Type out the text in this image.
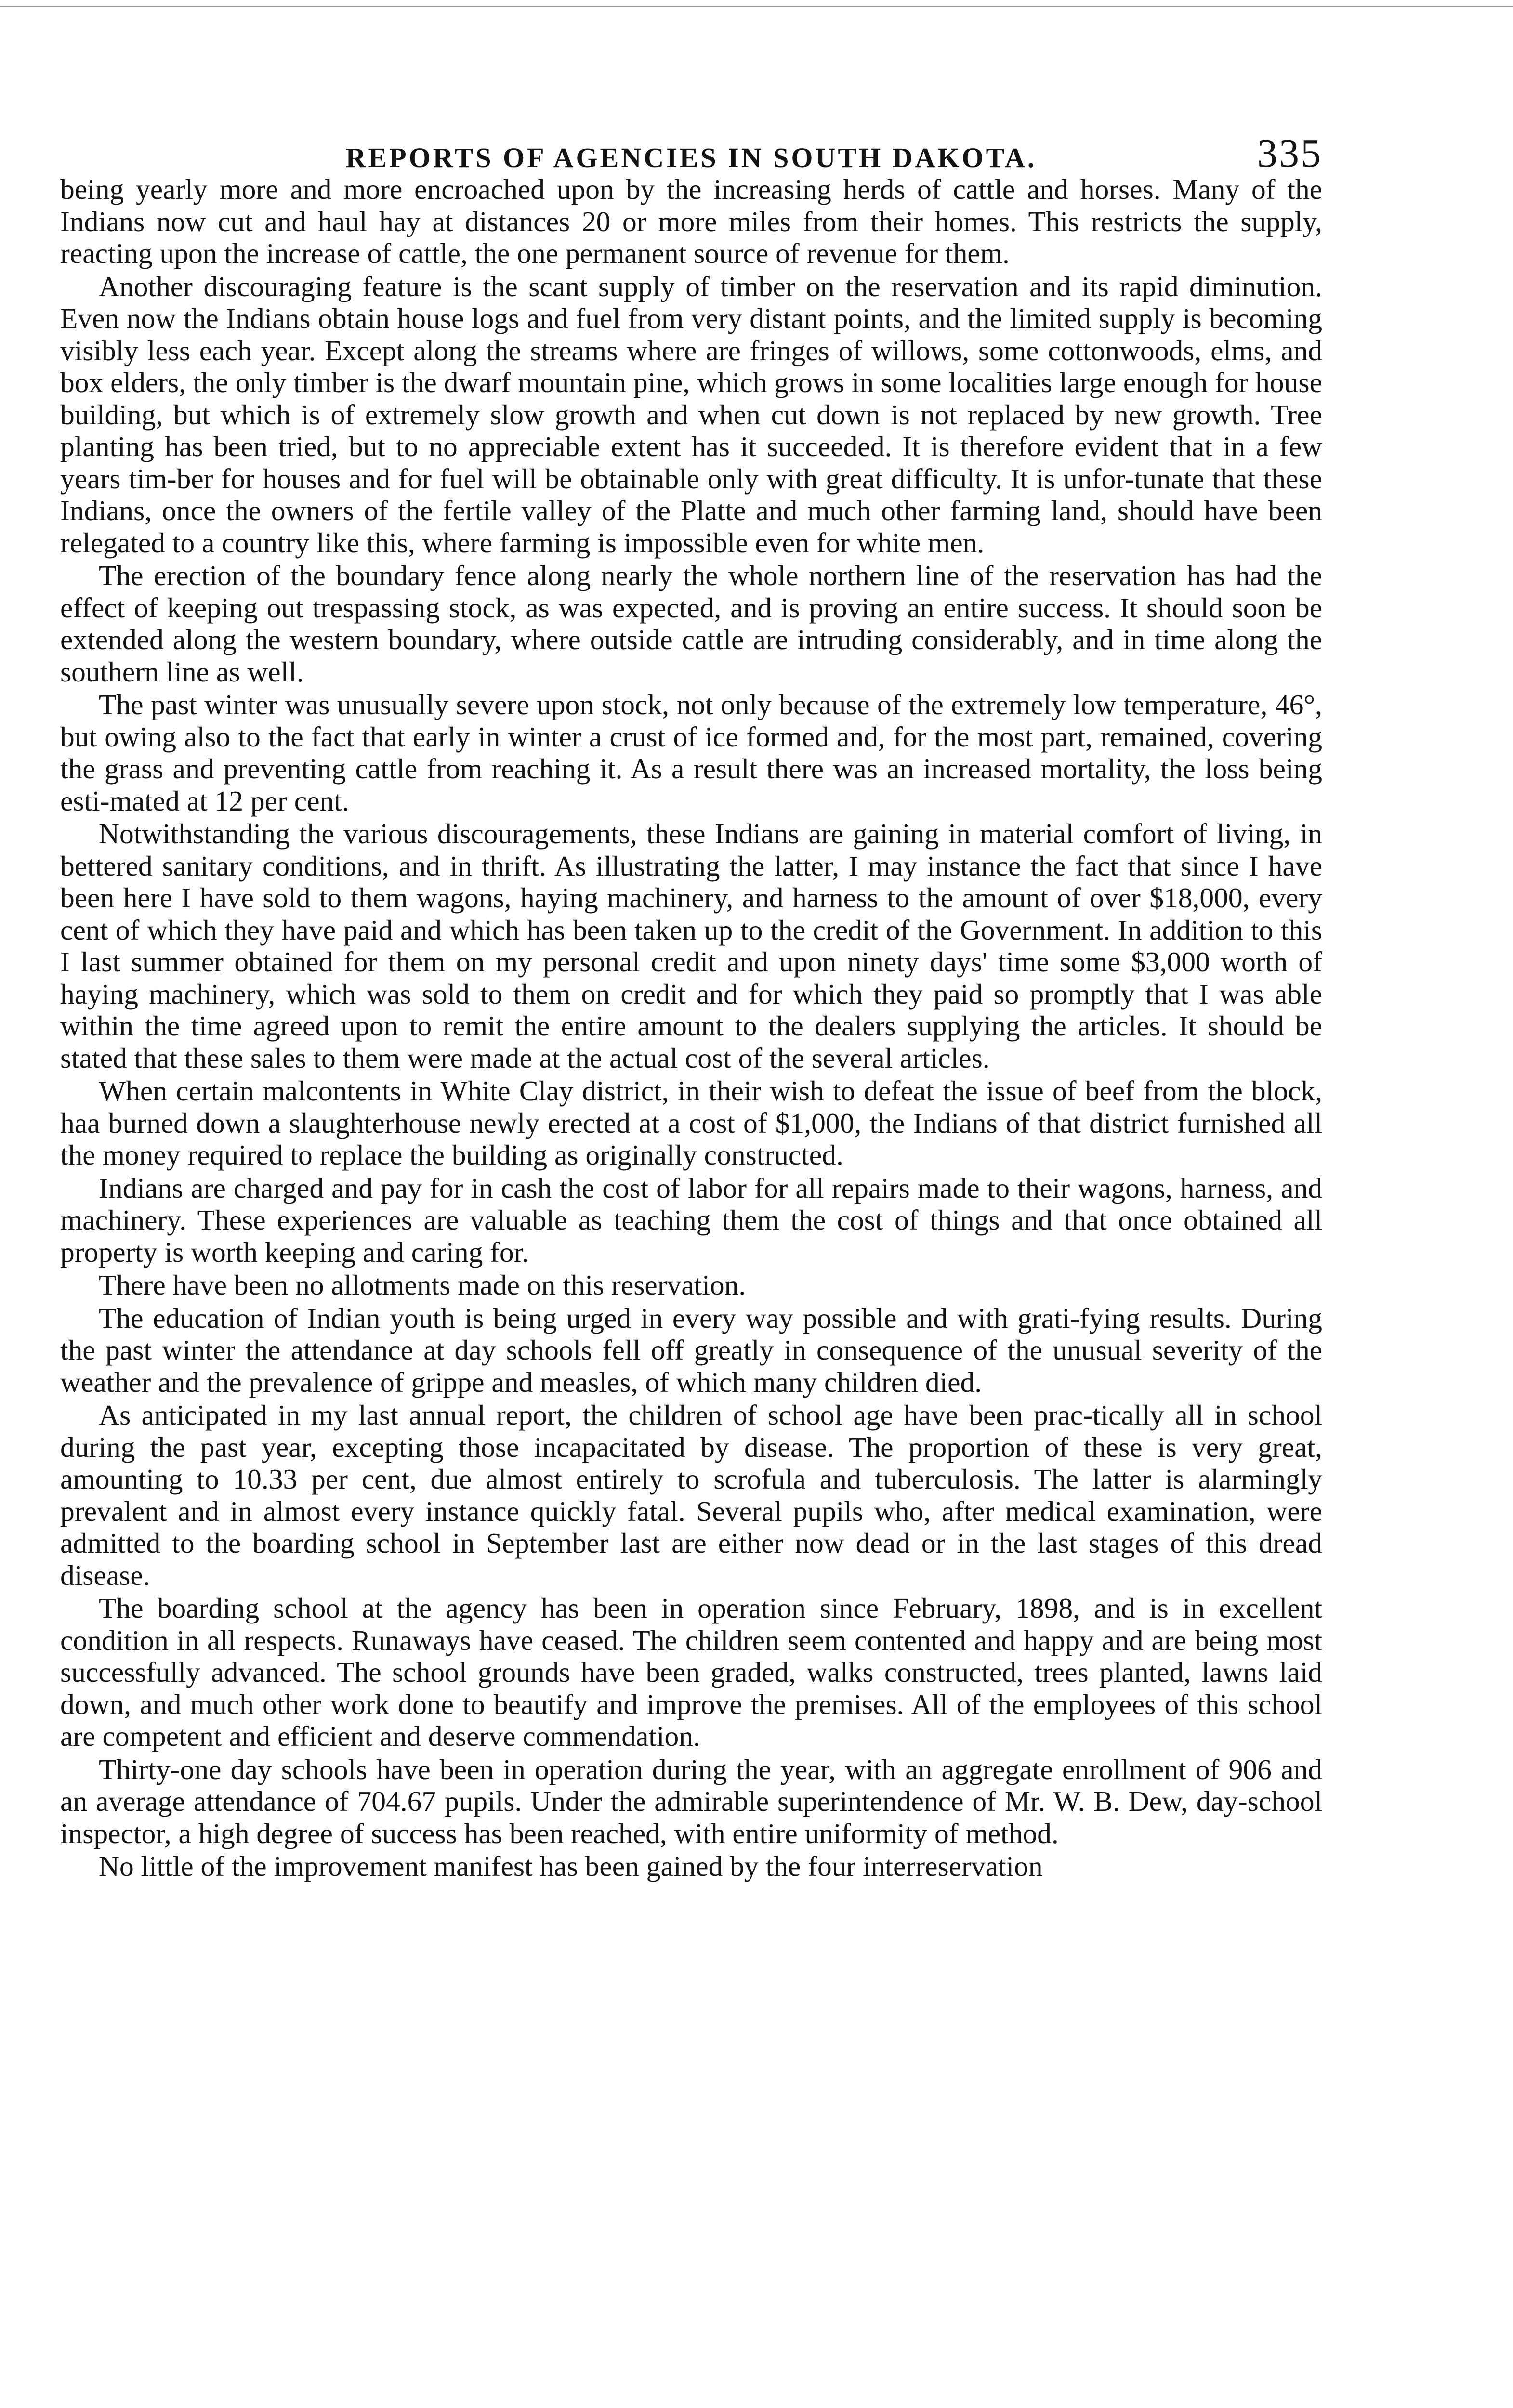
REPORTS OF AGENCIES IN SOUTH DAKOTA.	335

being yearly more and more encroached upon by the increasing herds of cattle and horses. Many of the Indians now cut and haul hay at distances 20 or more miles from their homes. This restricts the supply, reacting upon the increase of cattle, the one permanent source of revenue for them.

Another discouraging feature is the scant supply of timber on the reservation and its rapid diminution. Even now the Indians obtain house logs and fuel from very distant points, and the limited supply is becoming visibly less each year. Except along the streams where are fringes of willows, some cottonwoods, elms, and box elders, the only timber is the dwarf mountain pine, which grows in some localities large enough for house building, but which is of extremely slow growth and when cut down is not replaced by new growth. Tree planting has been tried, but to no appreciable extent has it succeeded. It is therefore evident that in a few years tim-ber for houses and for fuel will be obtainable only with great difficulty. It is unfor-tunate that these Indians, once the owners of the fertile valley of the Platte and much other farming land, should have been relegated to a country like this, where farming is impossible even for white men.

The erection of the boundary fence along nearly the whole northern line of the reservation has had the effect of keeping out trespassing stock, as was expected, and is proving an entire success. It should soon be extended along the western boundary, where outside cattle are intruding considerably, and in time along the southern line as well.

The past winter was unusually severe upon stock, not only because of the extremely low temperature, 46°, but owing also to the fact that early in winter a crust of ice formed and, for the most part, remained, covering the grass and preventing cattle from reaching it. As a result there was an increased mortality, the loss being esti-mated at 12 per cent.

Notwithstanding the various discouragements, these Indians are gaining in material comfort of living, in bettered sanitary conditions, and in thrift. As illustrating the latter, I may instance the fact that since I have been here I have sold to them wagons, haying machinery, and harness to the amount of over $18,000, every cent of which they have paid and which has been taken up to the credit of the Government. In addition to this I last summer obtained for them on my personal credit and upon ninety days' time some $3,000 worth of haying machinery, which was sold to them on credit and for which they paid so promptly that I was able within the time agreed upon to remit the entire amount to the dealers supplying the articles. It should be stated that these sales to them were made at the actual cost of the several articles.

When certain malcontents in White Clay district, in their wish to defeat the issue of beef from the block, haa burned down a slaughterhouse newly erected at a cost of $1,000, the Indians of that district furnished all the money required to replace the building as originally constructed.

Indians are charged and pay for in cash the cost of labor for all repairs made to their wagons, harness, and machinery. These experiences are valuable as teaching them the cost of things and that once obtained all property is worth keeping and caring for.

There have been no allotments made on this reservation.

The education of Indian youth is being urged in every way possible and with grati-fying results. During the past winter the attendance at day schools fell off greatly in consequence of the unusual severity of the weather and the prevalence of grippe and measles, of which many children died.

As anticipated in my last annual report, the children of school age have been prac-tically all in school during the past year, excepting those incapacitated by disease. The proportion of these is very great, amounting to 10.33 per cent, due almost entirely to scrofula and tuberculosis. The latter is alarmingly prevalent and in almost every instance quickly fatal. Several pupils who, after medical examination, were admitted to the boarding school in September last are either now dead or in the last stages of this dread disease.

The boarding school at the agency has been in operation since February, 1898, and is in excellent condition in all respects. Runaways have ceased. The children seem contented and happy and are being most successfully advanced. The school grounds have been graded, walks constructed, trees planted, lawns laid down, and much other work done to beautify and improve the premises. All of the employees of this school are competent and efficient and deserve commendation.

Thirty-one day schools have been in operation during the year, with an aggregate enrollment of 906 and an average attendance of 704.67 pupils. Under the admirable superintendence of Mr. W. B. Dew, day-school inspector, a high degree of success has been reached, with entire uniformity of method.

No little of the improvement manifest has been gained by the four interreservation
